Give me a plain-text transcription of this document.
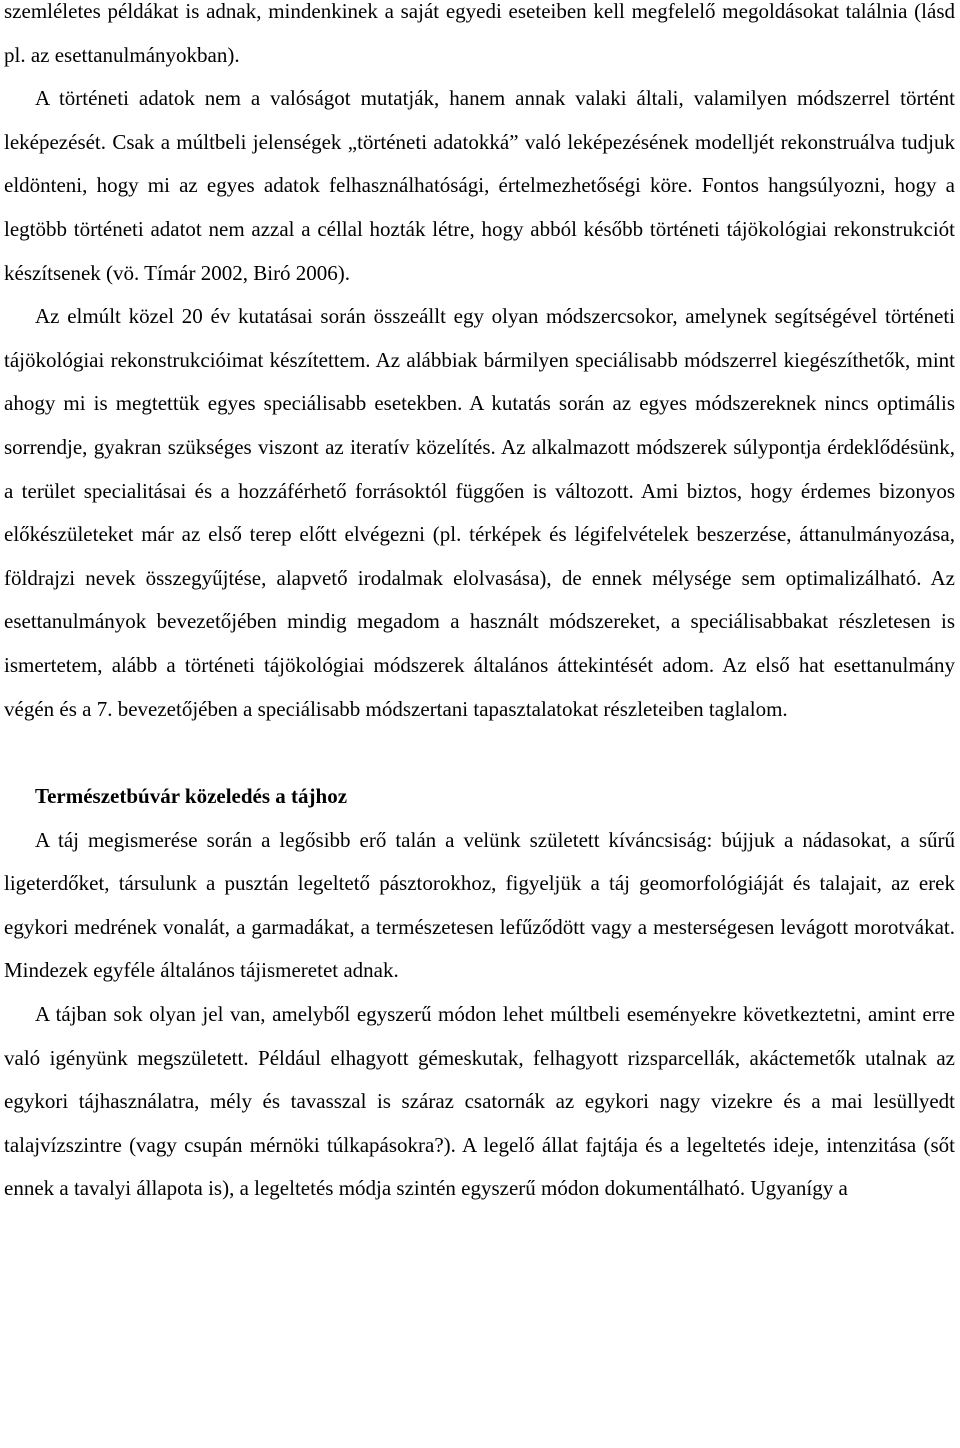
szemléletes példákat is adnak, mindenkinek a saját egyedi eseteiben kell megfelelő megoldásokat találnia (lásd pl. az esettanulmányokban).

A történeti adatok nem a valóságot mutatják, hanem annak valaki általi, valamilyen módszerrel történt leképezését. Csak a múltbeli jelenségek „történeti adatokká” való leképezésének modelljét rekonstruálva tudjuk eldönteni, hogy mi az egyes adatok felhasználhatósági, értelmezhetőségi köre. Fontos hangsúlyozni, hogy a legtöbb történeti adatot nem azzal a céllal hozták létre, hogy abból később történeti tájökológiai rekonstrukciót készítsenek (vö. Tímár 2002, Biró 2006).

Az elmúlt közel 20 év kutatásai során összeállt egy olyan módszercsokor, amelynek segítségével történeti tájökológiai rekonstrukcióimat készítettem. Az alábbiak bármilyen speciálisabb módszerrel kiegészíthetők, mint ahogy mi is megtettük egyes speciálisabb esetekben. A kutatás során az egyes módszereknek nincs optimális sorrendje, gyakran szükséges viszont az iteratív közelítés. Az alkalmazott módszerek súlypontja érdeklődésünk, a terület specialitásai és a hozzáférhető forrásoktól függően is változott. Ami biztos, hogy érdemes bizonyos előkészületeket már az első terep előtt elvégezni (pl. térképek és légifelvételek beszerzése, áttanulmányozása, földrajzi nevek összegyűjtése, alapvető irodalmak elolvasása), de ennek mélysége sem optimalizálható. Az esettanulmányok bevezetőjében mindig megadom a használt módszereket, a speciálisabbakat részletesen is ismertetem, alább a történeti tájökológiai módszerek általános áttekintését adom. Az első hat esettanulmány végén és a 7. bevezetőjében a speciálisabb módszertani tapasztalatokat részleteiben taglalom.

Természetbúvár közeledés a tájhoz

A táj megismerése során a legősibb erő talán a velünk született kíváncsiság: bújjuk a nádasokat, a sűrű ligeterdőket, társulunk a pusztán legeltető pásztorokhoz, figyeljük a táj geomorfológiáját és talajait, az erek egykori medrének vonalát, a garmadákat, a természetesen lefűződött vagy a mesterségesen levágott morotvákat. Mindezek egyféle általános tájismeretet adnak.

A tájban sok olyan jel van, amelyből egyszerű módon lehet múltbeli eseményekre következtetni, amint erre való igényünk megszületett. Például elhagyott gémeskutak, felhagyott rizsparcellák, akáctemetők utalnak az egykori tájhasználatra, mély és tavasszal is száraz csatornák az egykori nagy vizekre és a mai lesüllyedt talajvízszintre (vagy csupán mérnöki túlkapásokra?). A legelő állat fajtája és a legeltetés ideje, intenzitása (sőt ennek a tavalyi állapota is), a legeltetés módja szintén egyszerű módon dokumentálható. Ugyanígy a
